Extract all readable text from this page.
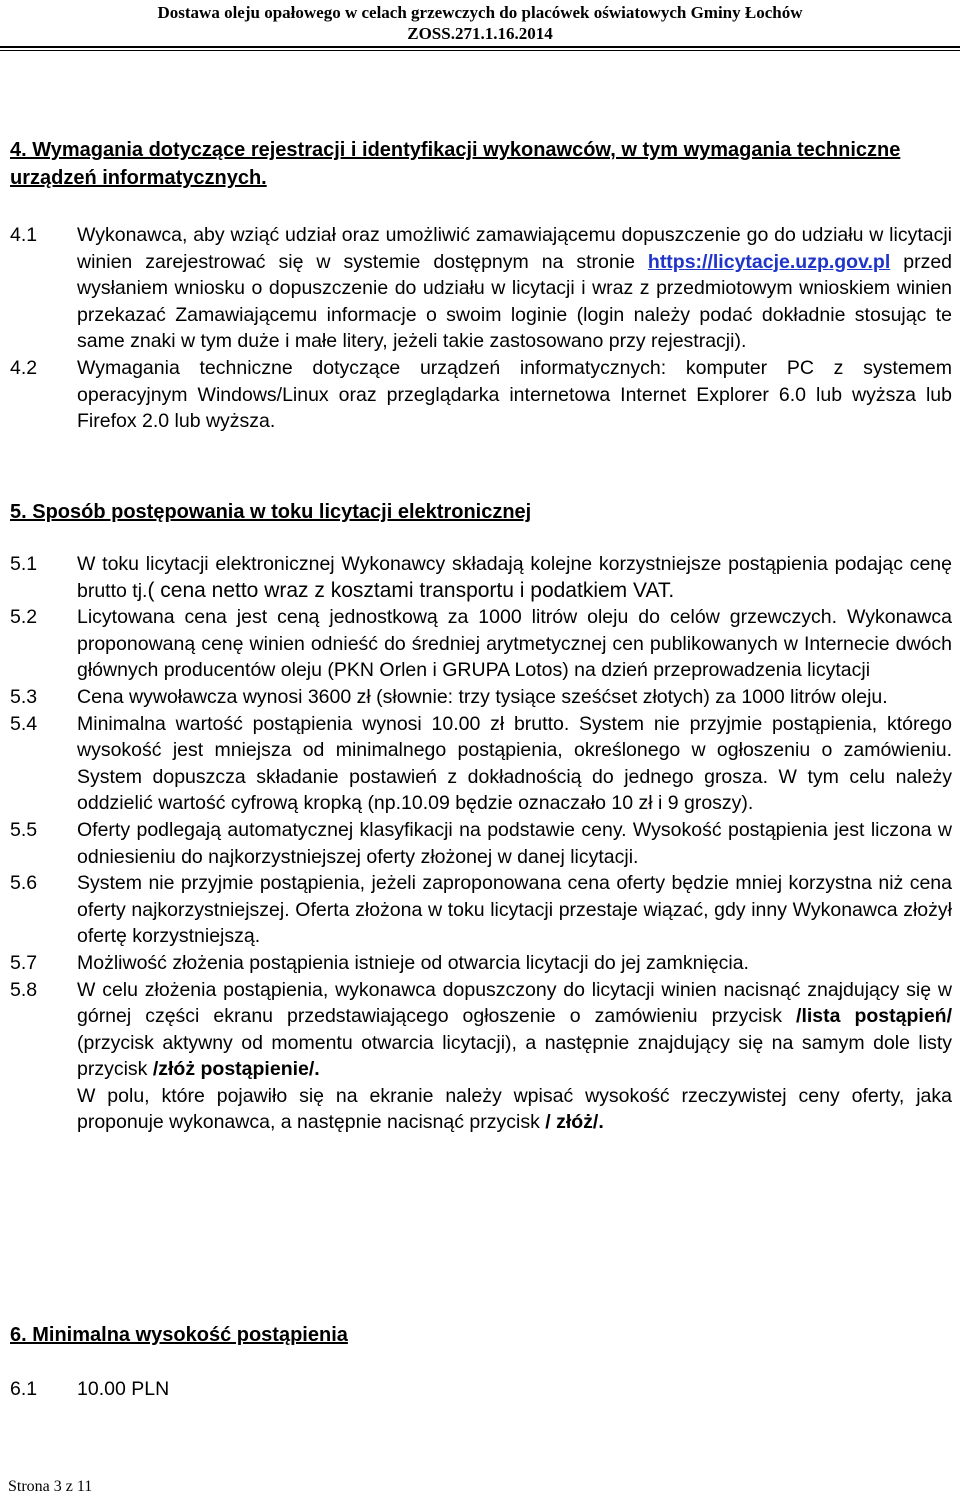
Dostawa oleju opałowego w celach grzewczych do placówek oświatowych Gminy Łochów
ZOSS.271.1.16.2014
4. Wymagania dotyczące rejestracji i identyfikacji wykonawców, w tym wymagania techniczne urządzeń informatycznych.
4.1	Wykonawca, aby wziąć udział oraz umożliwić zamawiającemu dopuszczenie go do udziału w licytacji winien zarejestrować się w systemie dostępnym na stronie https://licytacje.uzp.gov.pl przed wysłaniem wniosku o dopuszczenie do udziału w licytacji i wraz z przedmiotowym wnioskiem winien przekazać Zamawiającemu informacje o swoim loginie (login należy podać dokładnie stosując te same znaki w tym duże i małe litery, jeżeli takie zastosowano przy rejestracji).
4.2	Wymagania techniczne dotyczące urządzeń informatycznych: komputer PC z systemem operacyjnym Windows/Linux oraz przeglądarka internetowa Internet Explorer 6.0 lub wyższa lub Firefox 2.0 lub wyższa.
5. Sposób postępowania w toku licytacji elektronicznej
5.1	W toku licytacji elektronicznej Wykonawcy składają kolejne korzystniejsze postąpienia podając cenę brutto tj.( cena netto wraz z kosztami transportu i podatkiem VAT.
5.2	Licytowana cena jest ceną jednostkową za 1000 litrów oleju do celów grzewczych. Wykonawca proponowaną cenę winien odnieść do średniej arytmetycznej cen publikowanych w Internecie dwóch głównych producentów oleju (PKN Orlen i GRUPA Lotos) na dzień przeprowadzenia licytacji
5.3	Cena wywoławcza wynosi 3600 zł (słownie: trzy tysiące sześćset złotych) za 1000 litrów oleju.
5.4	Minimalna wartość postąpienia wynosi 10.00 zł brutto. System nie przyjmie postąpienia, którego wysokość jest mniejsza od minimalnego postąpienia, określonego w ogłoszeniu o zamówieniu. System dopuszcza składanie postawień z dokładnością do jednego grosza. W tym celu należy oddzielić wartość cyfrową kropką (np.10.09 będzie oznaczało 10 zł i 9 groszy).
5.5	Oferty podlegają automatycznej klasyfikacji na podstawie ceny. Wysokość postąpienia jest liczona w odniesieniu do najkorzystniejszej oferty złożonej w danej licytacji.
5.6	System nie przyjmie postąpienia, jeżeli zaproponowana cena oferty będzie mniej korzystna niż cena oferty najkorzystniejszej. Oferta złożona w toku licytacji przestaje wiązać, gdy inny Wykonawca złożył ofertę korzystniejszą.
5.7	Możliwość złożenia postąpienia istnieje od otwarcia licytacji do jej zamknięcia.
5.8	W celu złożenia postąpienia, wykonawca dopuszczony do licytacji winien nacisnąć znajdujący się w górnej części ekranu przedstawiającego ogłoszenie o zamówieniu przycisk /lista postąpień/ (przycisk aktywny od momentu otwarcia licytacji), a następnie znajdujący się na samym dole listy przycisk /złóż postąpienie/.
W polu, które pojawiło się na ekranie należy wpisać wysokość rzeczywistej ceny oferty, jaka proponuje wykonawca, a następnie nacisnąć przycisk / złóż/.
6. Minimalna wysokość postąpienia
6.1	10.00 PLN
Strona 3 z 11
